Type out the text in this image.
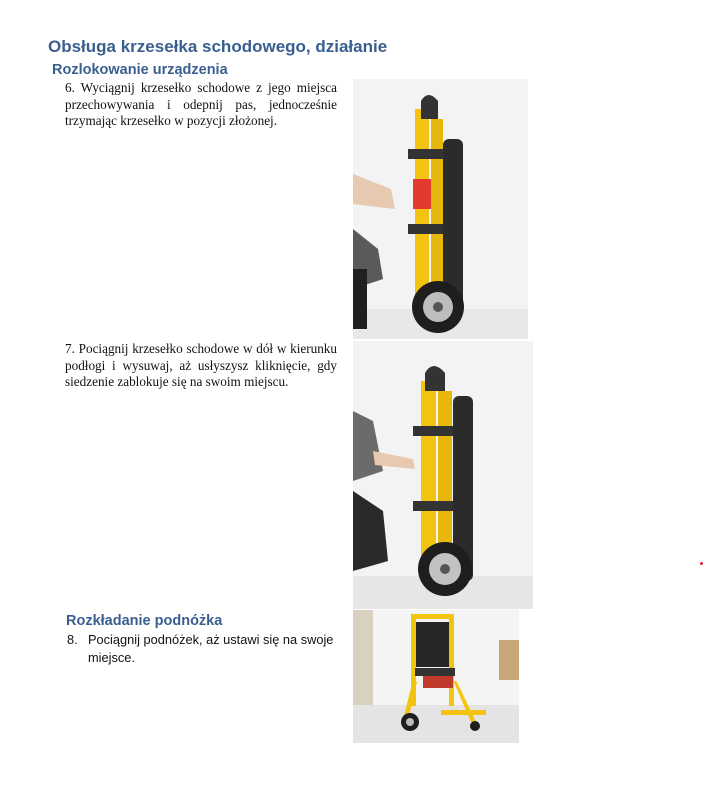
Obsługa krzesełka schodowego, działanie
Rozlokowanie urządzenia
6. Wyciągnij krzesełko schodowe z jego miejsca przechowywania i odepnij pas, jednocześnie trzymając krzesełko w pozycji złożonej.
7. Pociągnij krzesełko schodowe w dół w kierunku podłogi i wysuwaj, aż usłyszysz kliknięcie, gdy siedzenie zablokuje się na swoim miejscu.
Rozkładanie podnóżka
8. Pociągnij podnóżek, aż ustawi się na swoje miejsce.
